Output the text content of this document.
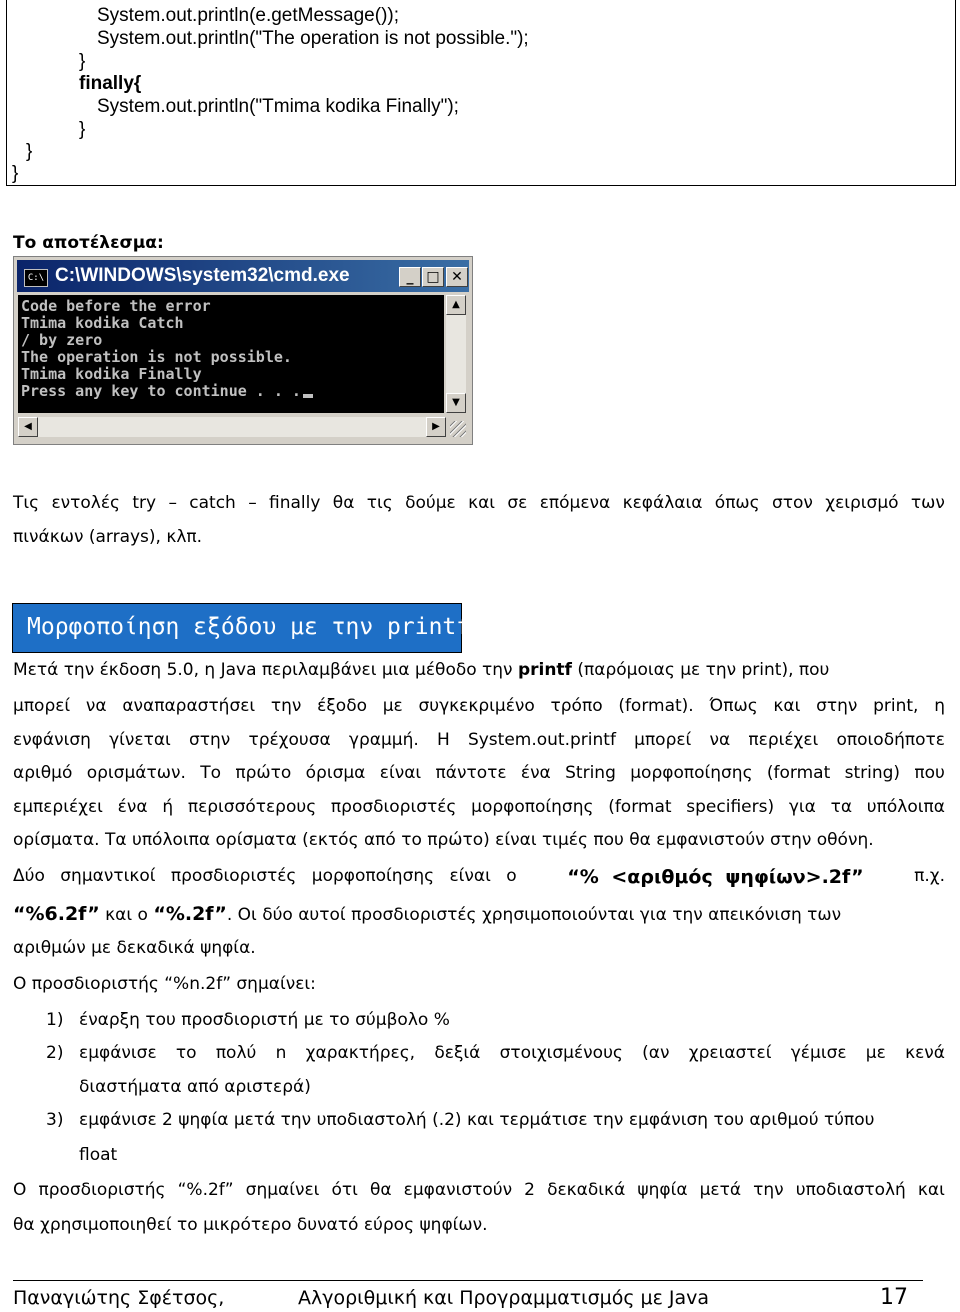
System.out.println(e.getMessage());
System.out.println("The operation is not possible.");
}
finally{
System.out.println("Tmima kodika Finally");
}
}
}
Το αποτέλεσμα:
C:\ C:\WINDOWS\system32\cmd.exe	_ □ ✕
Code before the error
Tmima kodika Catch
/ by zero
The operation is not possible.
Tmima kodika Finally
Press any key to continue . . .
▲
▼
◀	▶
Τις εντολές try – catch – finally θα τις δούμε και σε επόμενα κεφάλαια όπως στον χειρισμό των
πινάκων (arrays), κλπ.
Μορφοποίηση εξόδου με την printf
Μετά την έκδοση 5.0, η Java περιλαμβάνει μια μέθοδο την printf (παρόμοιας με την print), που
μπορεί να αναπαραστήσει την έξοδο με συγκεκριμένο τρόπο (format). Όπως και στην print, η
ενφάνιση γίνεται στην τρέχουσα γραμμή. Η System.out.printf μπορεί να περιέχει οποιοδήποτε
αριθμό ορισμάτων. Το πρώτο όρισμα είναι πάντοτε ένα String μορφοποίησης (format string) που
εμπεριέχει ένα ή περισσότερους προσδιοριστές μορφοποίησης (format specifiers) για τα υπόλοιπα
ορίσματα. Τα υπόλοιπα ορίσματα (εκτός από το πρώτο) είναι τιμές που θα εμφανιστούν στην οθόνη.
Δύο σημαντικοί προσδιοριστές μορφοποίησης είναι ο	“% <αριθμός ψηφίων>.2f”	π.χ.
“%6.2f” και ο “%.2f”. Οι δύο αυτοί προσδιοριστές χρησιμοποιούνται για την απεικόνιση των
αριθμών με δεκαδικά ψηφία.
Ο προσδιοριστής “%n.2f” σημαίνει:
1) έναρξη του προσδιοριστή με το σύμβολο %
2) εμφάνισε το πολύ n χαρακτήρες, δεξιά στοιχισμένους (αν χρειαστεί γέμισε με κενά
διαστήματα από αριστερά)
3) εμφάνισε 2 ψηφία μετά την υποδιαστολή (.2) και τερμάτισε την εμφάνιση του αριθμού τύπου
float
Ο προσδιοριστής “%.2f” σημαίνει ότι θα εμφανιστούν 2 δεκαδικά ψηφία μετά την υποδιαστολή και
θα χρησιμοποιηθεί το μικρότερο δυνατό εύρος ψηφίων.
Παναγιώτης Σφέτσος,	Αλγοριθμική και Προγραμματισμός με Java	17
